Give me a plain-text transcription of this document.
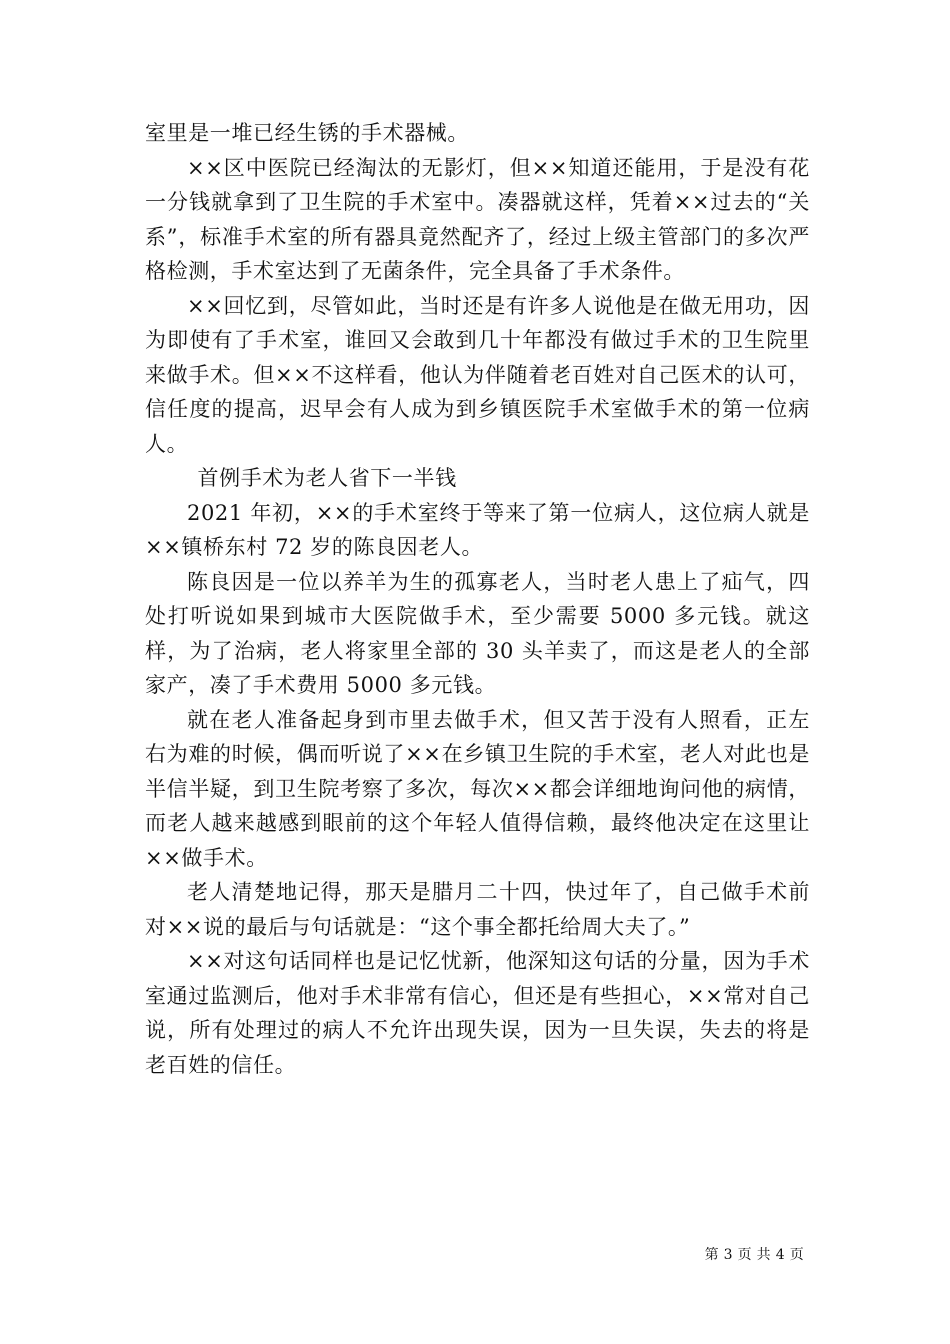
室里是一堆已经生锈的手术器械。

××区中医院已经淘汰的无影灯，但××知道还能用，于是没有花一分钱就拿到了卫生院的手术室中。凑器就这样，凭着××过去的“关系”，标准手术室的所有器具竟然配齐了，经过上级主管部门的多次严格检测，手术室达到了无菌条件，完全具备了手术条件。

××回忆到，尽管如此，当时还是有许多人说他是在做无用功，因为即使有了手术室，谁回又会敢到几十年都没有做过手术的卫生院里来做手术。但××不这样看，他认为伴随着老百姓对自己医术的认可，信任度的提高，迟早会有人成为到乡镇医院手术室做手术的第一位病人。

首例手术为老人省下一半钱

2021 年初，××的手术室终于等来了第一位病人，这位病人就是××镇桥东村 72 岁的陈良因老人。

陈良因是一位以养羊为生的孤寡老人，当时老人患上了疝气，四处打听说如果到城市大医院做手术，至少需要 5000 多元钱。就这样，为了治病，老人将家里全部的 30 头羊卖了，而这是老人的全部家产，凑了手术费用 5000 多元钱。

就在老人准备起身到市里去做手术，但又苦于没有人照看，正左右为难的时候，偶而听说了××在乡镇卫生院的手术室，老人对此也是半信半疑，到卫生院考察了多次，每次××都会详细地询问他的病情，而老人越来越感到眼前的这个年轻人值得信赖，最终他决定在这里让××做手术。

老人清楚地记得，那天是腊月二十四，快过年了，自己做手术前对××说的最后与句话就是：“这个事全都托给周大夫了。”

××对这句话同样也是记忆忧新，他深知这句话的分量，因为手术室通过监测后，他对手术非常有信心，但还是有些担心，××常对自己说，所有处理过的病人不允许出现失误，因为一旦失误，失去的将是老百姓的信任。

第 3 页 共 4 页
